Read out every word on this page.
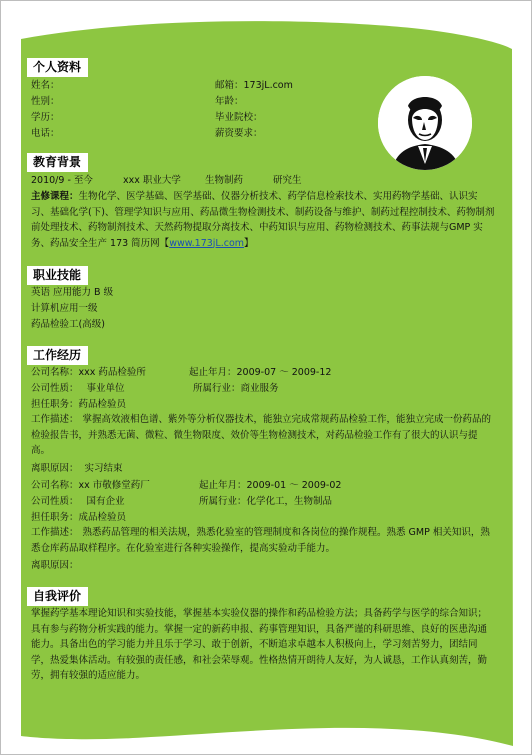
个人资料
姓名：	邮箱：173jL.com
性别：	年龄：
学历：	毕业院校：
电话：	薪资要求：
教育背景
2010/9 - 至今	xxx 职业大学	生物制药	研究生
主修课程：生物化学、医学基础、医学基础、仪器分析技术、药学信息检索技术、实用药物学基础、认识实习、基础化学(下)、管理学知识与应用、药品微生物检测技术、制药设备与维护、制药过程控制技术、药物制剂前处理技术、药物制剂技术、天然药物提取分离技术、中药知识与应用、药物检测技术、药事法规与GMP 实务、药品安全生产 173 简历网【www.173jL.com】
职业技能
英语 应用能力 B 级
计算机应用一级
药品检验工(高级)
工作经历
公司名称：xxx 药品检验所	起止年月：2009-07 ～ 2009-12
公司性质： 事业单位	所属行业：商业服务
担任职务：药品检验员
工作描述： 掌握高效液相色谱、紫外等分析仪器技术，能独立完成常规药品检验工作，能独立完成一份药品的检验报告书，并熟悉无菌、微粒、微生物限度、效价等生物检测技术，对药品检验工作有了很大的认识与提高。
离职原因： 实习结束
公司名称：xx 市敬修堂药厂	起止年月：2009-01 ～ 2009-02
公司性质： 国有企业	所属行业：化学化工，生物制品
担任职务：成品检验员
工作描述： 熟悉药品管理的相关法规，熟悉化验室的管理制度和各岗位的操作规程。熟悉 GMP 相关知识，熟悉仓库药品取样程序。在化验室进行各种实验操作，提高实验动手能力。
离职原因：
自我评价
掌握药学基本理论知识和实验技能，掌握基本实验仪器的操作和药品检验方法；具备药学与医学的综合知识；具有参与药物分析实践的能力。掌握一定的新药申报、药事管理知识，具备严谨的科研思维、良好的医患沟通能力。具备出色的学习能力并且乐于学习、敢于创新，不断追求卓越本人积极向上，学习刻苦努力，团结同学，热爱集体活动。有较强的责任感，和社会荣辱观。性格热情开朗待人友好，为人诚恳，工作认真刻苦，勤劳，拥有较强的适应能力。
